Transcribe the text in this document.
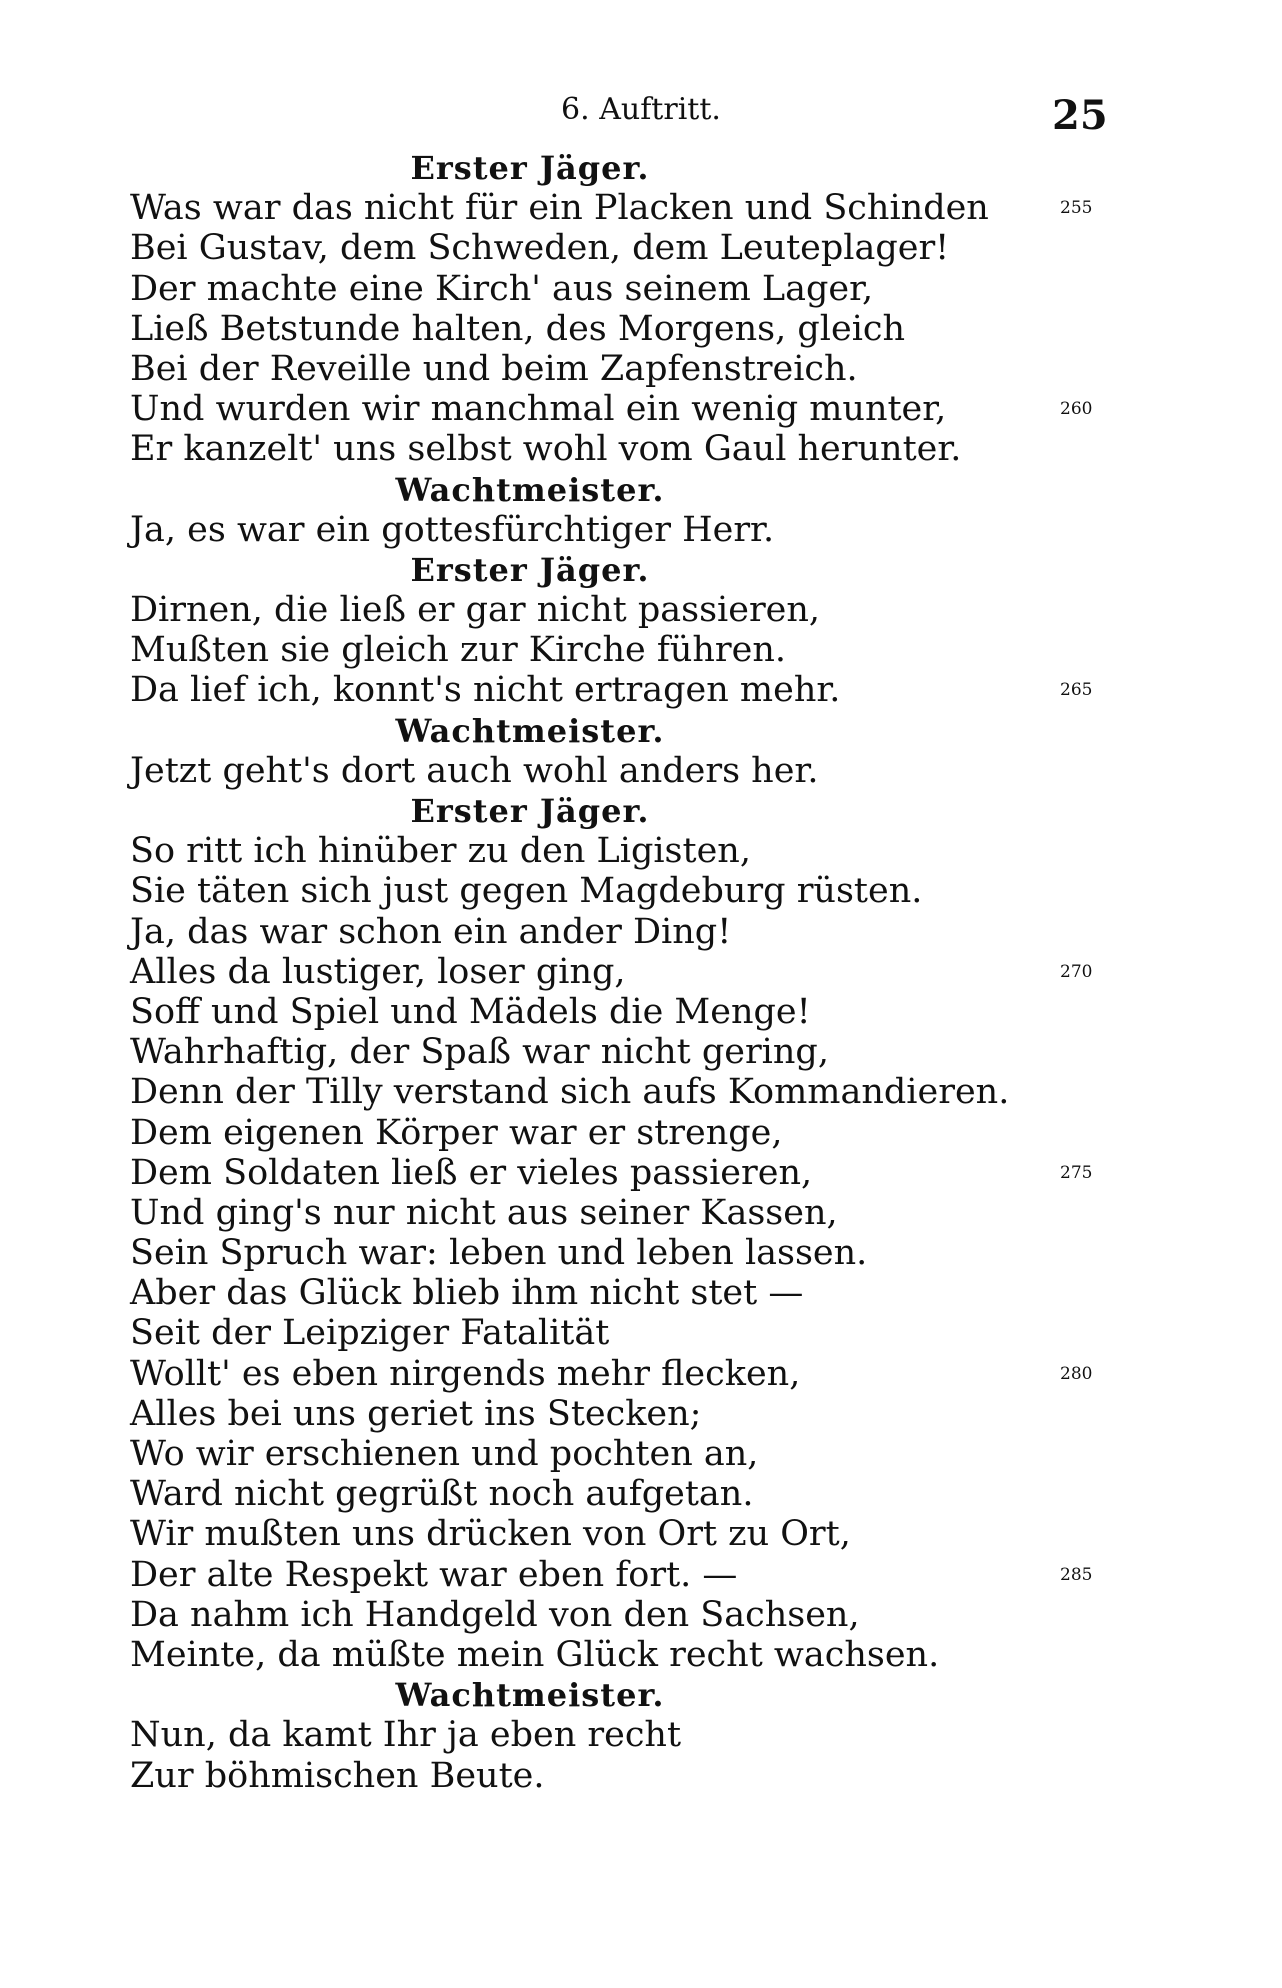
6. Auftritt.	25
Erster Jäger.
Was war das nicht für ein Placken und Schinden	255
Bei Gustav, dem Schweden, dem Leuteplager!
Der machte eine Kirch' aus seinem Lager,
Ließ Betstunde halten, des Morgens, gleich
Bei der Reveille und beim Zapfenstreich.
Und wurden wir manchmal ein wenig munter,	260
Er kanzelt' uns selbst wohl vom Gaul herunter.
Wachtmeister.
Ja, es war ein gottesfürchtiger Herr.
Erster Jäger.
Dirnen, die ließ er gar nicht passieren,
Mußten sie gleich zur Kirche führen.
Da lief ich, konnt's nicht ertragen mehr.	265
Wachtmeister.
Jetzt geht's dort auch wohl anders her.
Erster Jäger.
So ritt ich hinüber zu den Ligisten,
Sie täten sich just gegen Magdeburg rüsten.
Ja, das war schon ein ander Ding!
Alles da lustiger, loser ging,	270
Soff und Spiel und Mädels die Menge!
Wahrhaftig, der Spaß war nicht gering,
Denn der Tilly verstand sich aufs Kommandieren.
Dem eigenen Körper war er strenge,
Dem Soldaten ließ er vieles passieren,	275
Und ging's nur nicht aus seiner Kassen,
Sein Spruch war: leben und leben lassen.
Aber das Glück blieb ihm nicht stet —
Seit der Leipziger Fatalität
Wollt' es eben nirgends mehr flecken,	280
Alles bei uns geriet ins Stecken;
Wo wir erschienen und pochten an,
Ward nicht gegrüßt noch aufgetan.
Wir mußten uns drücken von Ort zu Ort,
Der alte Respekt war eben fort. —	285
Da nahm ich Handgeld von den Sachsen,
Meinte, da müßte mein Glück recht wachsen.
Wachtmeister.
Nun, da kamt Ihr ja eben recht
Zur böhmischen Beute.
